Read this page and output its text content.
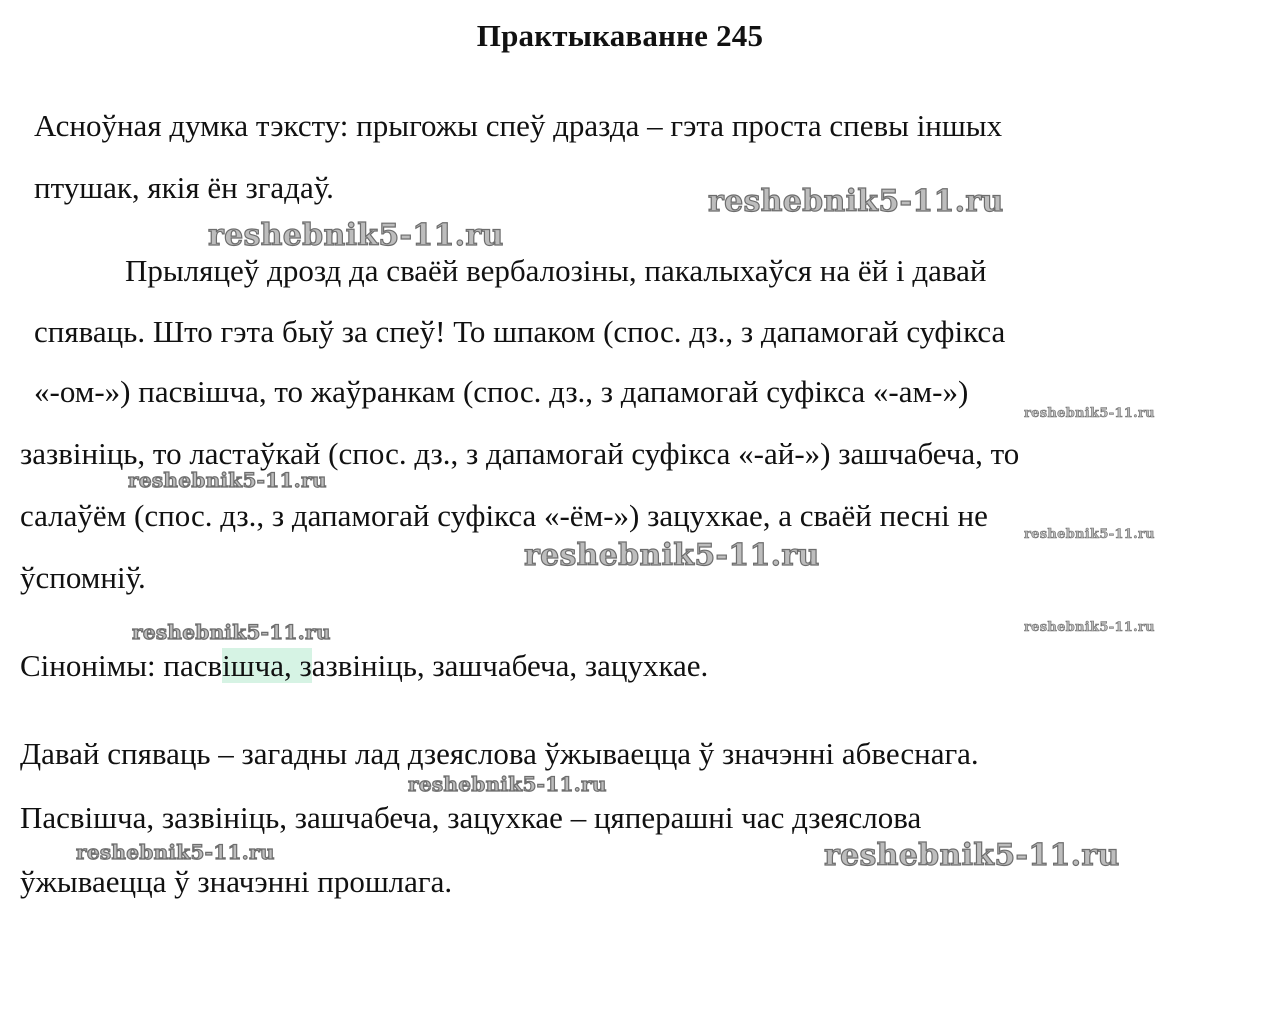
Практыкаванне 245
Асноўная думка тэксту: прыгожы спеў дразда – гэта проста спевы іншых
птушак, якія ён згадаў.
Прыляцеў дрозд да сваёй вербалозіны, пакалыхаўся на ёй і давай
спяваць. Што гэта быў за спеў! То шпаком (спос. дз., з дапамогай суфікса
«-ом-») пасвішча, то жаўранкам (спос. дз., з дапамогай суфікса «-ам-»)
зазвініць, то ластаўкай (спос. дз., з дапамогай суфікса «-ай-») зашчабеча, то
салаўём (спос. дз., з дапамогай суфікса «-ём-») зацухкае, а сваёй песні не
ўспомніў.
Сінонімы: пасвішча, зазвініць, зашчабеча, зацухкае.
Давай спяваць – загадны лад дзеяслова ўжываецца ў значэнні абвеснага.
Пасвішча, зазвініць, зашчабеча, зацухкае – цяперашні час дзеяслова
ўжываецца ў значэнні прошлага.
reshebnik5-11.ru
reshebnik5-11.ru
reshebnik5-11.ru
reshebnik5-11.ru
reshebnik5-11.ru
reshebnik5-11.ru
reshebnik5-11.ru
reshebnik5-11.ru
reshebnik5-11.ru
reshebnik5-11.ru	reshebnik5-11.ru
